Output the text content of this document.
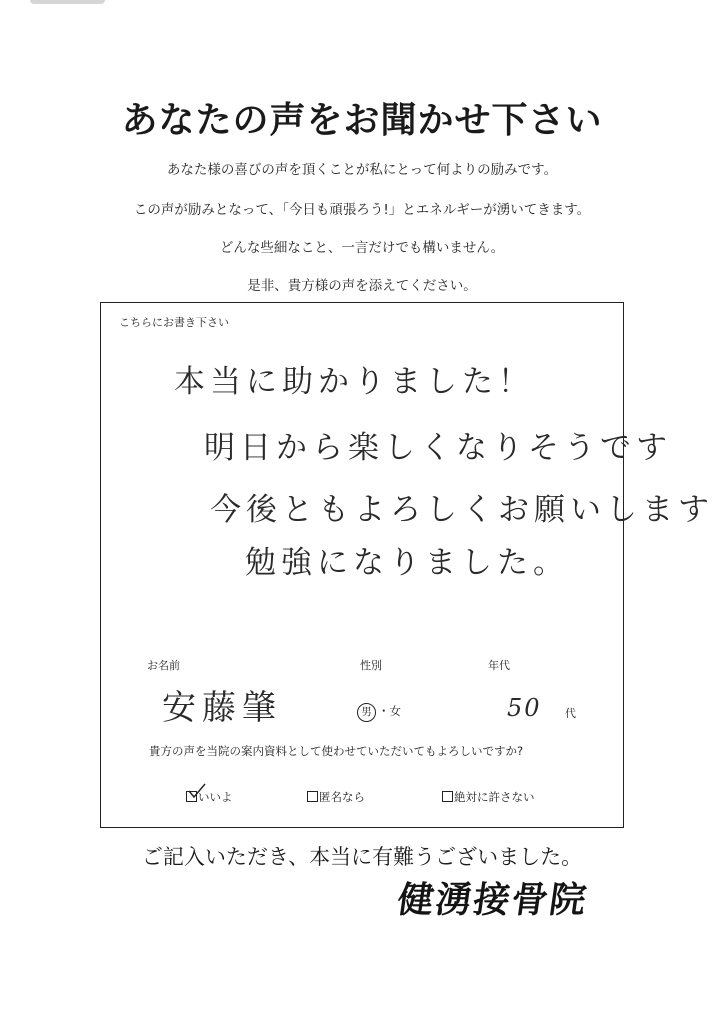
あなたの声をお聞かせ下さい
あなた様の喜びの声を頂くことが私にとって何よりの励みです。
この声が励みとなって、「今日も頑張ろう!」とエネルギーが湧いてきます。
どんな些細なこと、一言だけでも構いません。
是非、貴方様の声を添えてください。
こちらにお書き下さい
本当に助かりました！
明日から楽しくなりそうです
今後ともよろしくお願いします
勉強になりました。
お名前	性別	年代
安藤肇	男 ・女	50 代
貴方の声を当院の案内資料として使わせていただいてもよろしいですか?
いいよ	匿名なら	絶対に許さない
ご記入いただき、本当に有難うございました。
健湧接骨院
